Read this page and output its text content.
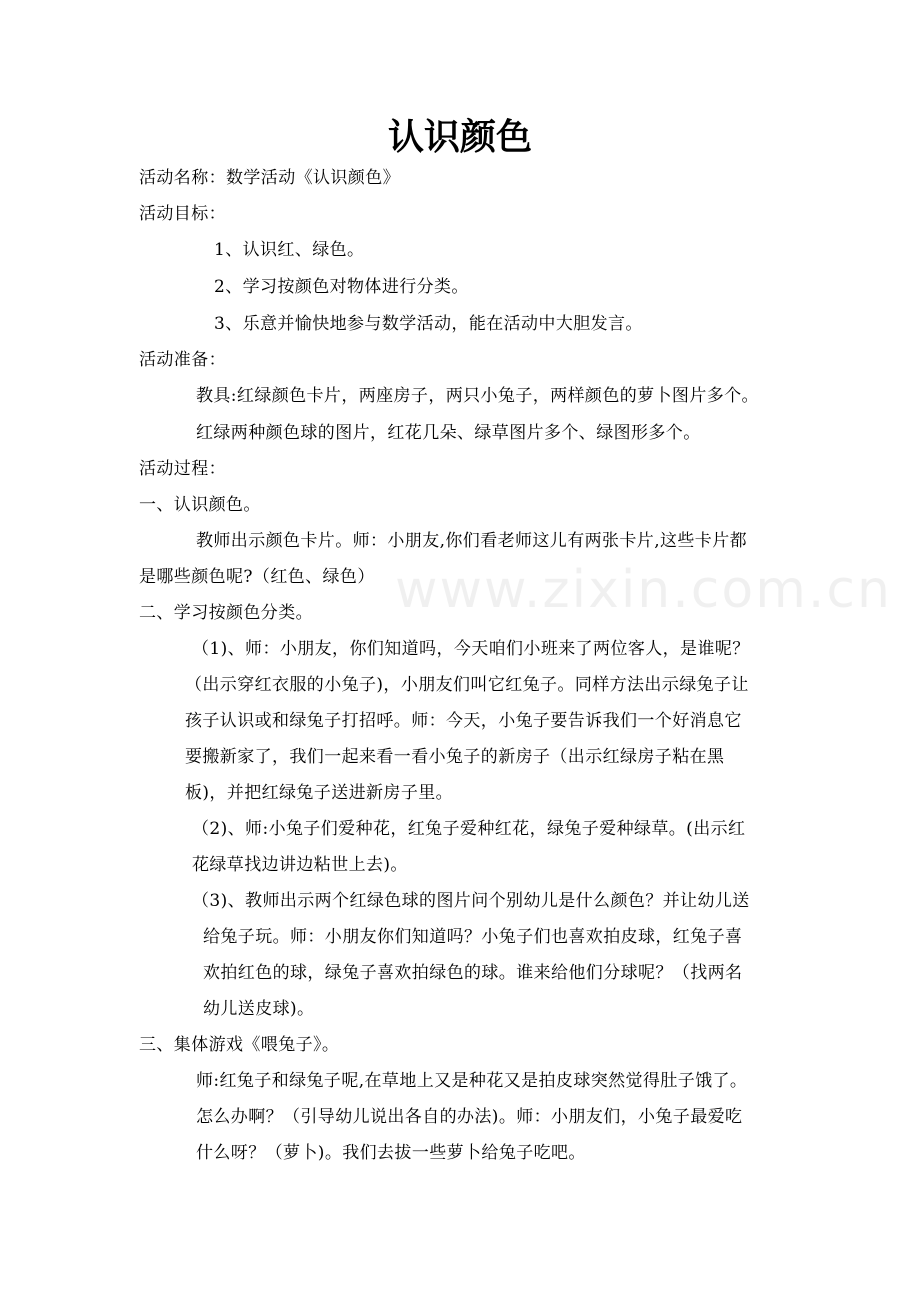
www.zixin.com.cn
认识颜色
活动名称：数学活动《认识颜色》
活动目标：
1、认识红、绿色。
2、学习按颜色对物体进行分类。
3、乐意并愉快地参与数学活动，能在活动中大胆发言。
活动准备：
教具:红绿颜色卡片，两座房子，两只小兔子，两样颜色的萝卜图片多个。
红绿两种颜色球的图片，红花几朵、绿草图片多个、绿图形多个。
活动过程：
一、认识颜色。
教师出示颜色卡片。师：小朋友,你们看老师这儿有两张卡片,这些卡片都
是哪些颜色呢?（红色、绿色）
二、学习按颜色分类。
（1)、师：小朋友，你们知道吗，今天咱们小班来了两位客人，是谁呢？
（出示穿红衣服的小兔子)，小朋友们叫它红兔子。同样方法出示绿兔子让
孩子认识或和绿兔子打招呼。师：今天，小兔子要告诉我们一个好消息它
要搬新家了，我们一起来看一看小兔子的新房子（出示红绿房子粘在黑
板)，并把红绿兔子送进新房子里。
（2)、师:小兔子们爱种花，红兔子爱种红花，绿兔子爱种绿草。(出示红
花绿草找边讲边粘世上去)。
（3)、教师出示两个红绿色球的图片问个别幼儿是什么颜色？并让幼儿送
给兔子玩。师：小朋友你们知道吗？小兔子们也喜欢拍皮球，红兔子喜
欢拍红色的球，绿兔子喜欢拍绿色的球。谁来给他们分球呢？（找两名
幼儿送皮球)。
三、集体游戏《喂兔子》。
师:红兔子和绿兔子呢,在草地上又是种花又是拍皮球突然觉得肚子饿了。
怎么办啊？（引导幼儿说出各自的办法)。师：小朋友们，小兔子最爱吃
什么呀？（萝卜)。我们去拔一些萝卜给兔子吃吧。
